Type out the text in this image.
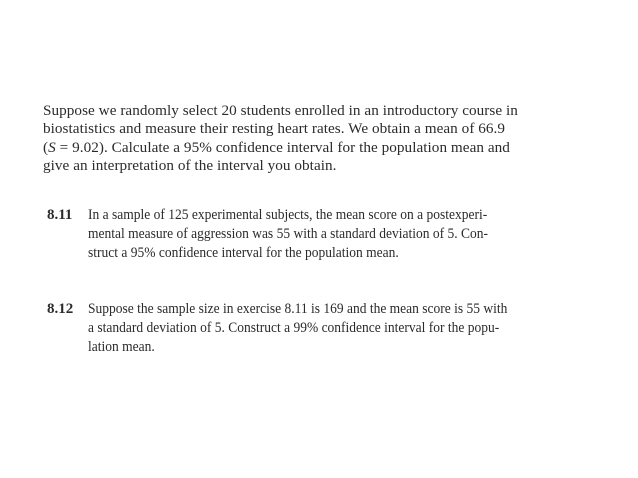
Suppose we randomly select 20 students enrolled in an introductory course in
biostatistics and measure their resting heart rates. We obtain a mean of 66.9
(S = 9.02). Calculate a 95% confidence interval for the population mean and
give an interpretation of the interval you obtain.
8.11	In a sample of 125 experimental subjects, the mean score on a postexperi-
mental measure of aggression was 55 with a standard deviation of 5. Con-
struct a 95% confidence interval for the population mean.
8.12 Suppose the sample size in exercise 8.11 is 169 and the mean score is 55 with
a standard deviation of 5. Construct a 99% confidence interval for the popu-
lation mean.
